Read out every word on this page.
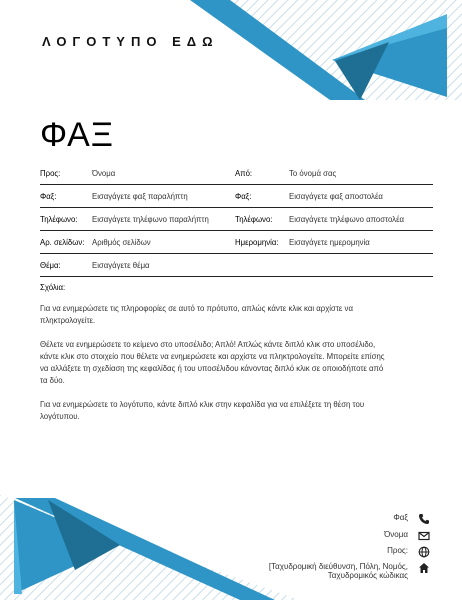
ΛΟΓΟΤΥΠΟ ΕΔΩ
ΦΑΞ
Προς:	Όνομα	Από:	Το όνομά σας
Φαξ:	Εισαγάγετε φαξ παραλήπτη	Φαξ:	Εισαγάγετε φαξ αποστολέα
Τηλέφωνο: Εισαγάγετε τηλέφωνο παραλήπτη	Τηλέφωνο: Εισαγάγετε τηλέφωνο αποστολέα
Αρ. σελίδων: Αριθμός σελίδων	Ημερομηνία: Εισαγάγετε ημερομηνία
Θέμα:	Εισαγάγετε θέμα
Σχόλια:

Για να ενημερώσετε τις πληροφορίες σε αυτό το πρότυπο, απλώς κάντε κλικ και αρχίστε να πληκτρολογείτε.

Θέλετε να ενημερώσετε το κείμενο στο υποσέλιδο; Απλό! Απλώς κάντε διπλό κλικ στο υποσέλιδο, κάντε κλικ στο στοιχείο που θέλετε να ενημερώσετε και αρχίστε να πληκτρολογείτε. Μπορείτε επίσης να αλλάξετε τη σχεδίαση της κεφαλίδας ή του υποσέλιδου κάνοντας διπλό κλικ σε οποιοδήποτε από τα δύο.

Για να ενημερώσετε το λογότυπο, κάντε διπλό κλικ στην κεφαλίδα για να επιλέξετε τη θέση του λογότυπου.

Φαξ
Όνομα
Προς:
[Ταχυδρομική διεύθυνση, Πόλη, Νομός,
Ταχυδρομικός κώδικας
